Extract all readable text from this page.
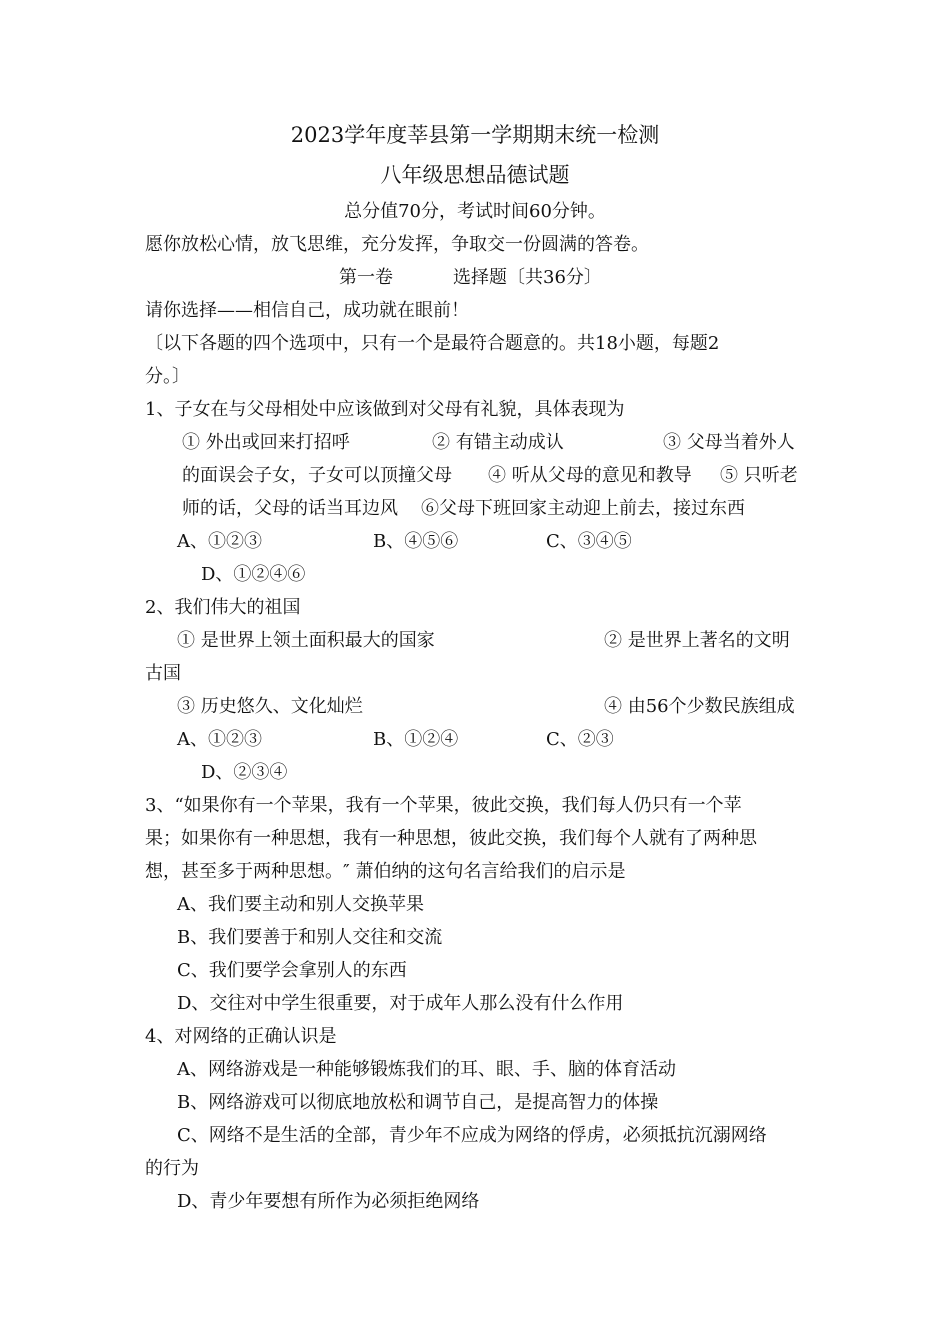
2023学年度莘县第一学期期末统一检测
八年级思想品德试题
总分值70分，考试时间60分钟。
愿你放松心情，放飞思维，充分发挥，争取交一份圆满的答卷。
第一卷	选择题〔共36分〕
请你选择——相信自己，成功就在眼前！
〔以下各题的四个选项中，只有一个是最符合题意的。共18小题，每题2
分。〕
1、子女在与父母相处中应该做到对父母有礼貌，具体表现为
① 外出或回来打招呼	② 有错主动成认	③ 父母当着外人
的面误会子女，子女可以顶撞父母 ④ 听从父母的意见和教导 ⑤ 只听老
师的话，父母的话当耳边风 ⑥父母下班回家主动迎上前去，接过东西
A、①②③	B、④⑤⑥	C、③④⑤
D、①②④⑥
2、我们伟大的祖国
① 是世界上领土面积最大的国家	② 是世界上著名的文明
古国
③ 历史悠久、文化灿烂	④ 由56个少数民族组成
A、①②③	B、①②④	C、②③
D、②③④
3、“如果你有一个苹果，我有一个苹果，彼此交换，我们每人仍只有一个苹
果；如果你有一种思想，我有一种思想，彼此交换，我们每个人就有了两种思
想，甚至多于两种思想。″ 萧伯纳的这句名言给我们的启示是
A、我们要主动和别人交换苹果
B、我们要善于和别人交往和交流
C、我们要学会拿别人的东西
D、交往对中学生很重要，对于成年人那么没有什么作用
4、对网络的正确认识是
A、网络游戏是一种能够锻炼我们的耳、眼、手、脑的体育活动
B、网络游戏可以彻底地放松和调节自己，是提高智力的体操
C、网络不是生活的全部，青少年不应成为网络的俘虏，必须抵抗沉溺网络
的行为
D、青少年要想有所作为必须拒绝网络
